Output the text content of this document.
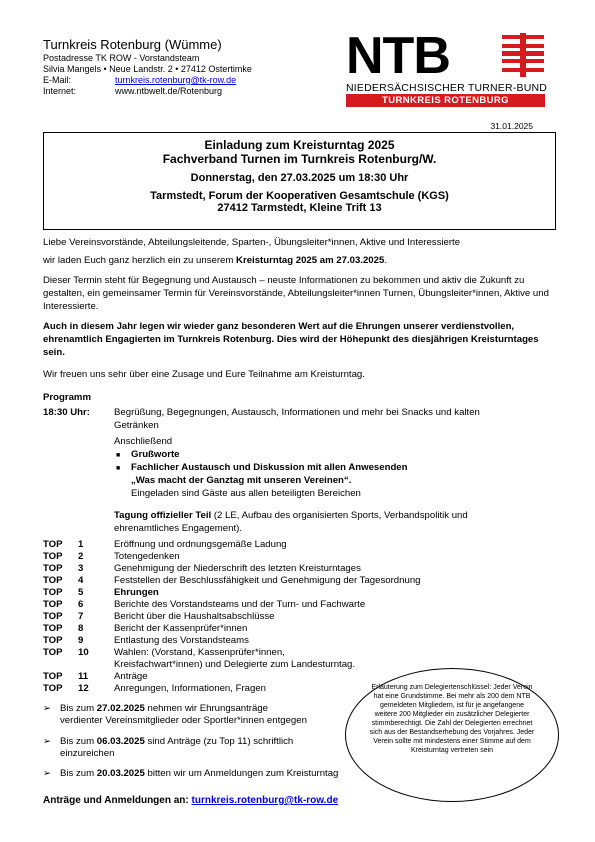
Turnkreis Rotenburg (Wümme)
Postadresse TK ROW - Vorstandsteam
Silvia Mangels • Neue Landstr. 2 • 27412 Ostertimke
E-Mail:	turnkreis.rotenburg@tk-row.de
Internet:	www.ntbwelt.de/Rotenburg
NTB
NIEDERSÄCHSISCHER TURNER-BUND
TURNKREIS ROTENBURG
31.01.2025
Einladung zum Kreisturntag 2025
Fachverband Turnen im Turnkreis Rotenburg/W.
Donnerstag, den 27.03.2025 um 18:30 Uhr
Tarmstedt, Forum der Kooperativen Gesamtschule (KGS)
27412 Tarmstedt, Kleine Trift 13
Liebe Vereinsvorstände, Abteilungsleitende, Sparten-, Übungsleiter*innen, Aktive und Interessierte
wir laden Euch ganz herzlich ein zu unserem Kreisturntag 2025 am 27.03.2025.
Dieser Termin steht für Begegnung und Austausch – neuste Informationen zu bekommen und aktiv die Zukunft zu gestalten, ein gemeinsamer Termin für Vereinsvorstände, Abteilungsleiter*innen Turnen, Übungsleiter*innen, Aktive und Interessierte.
Auch in diesem Jahr legen wir wieder ganz besonderen Wert auf die Ehrungen unserer verdienstvollen, ehrenamtlich Engagierten im Turnkreis Rotenburg. Dies wird der Höhepunkt des diesjährigen Kreisturntages sein.
Wir freuen uns sehr über eine Zusage und Eure Teilnahme am Kreisturntag.
Programm
18:30 Uhr:	Begrüßung, Begegnungen, Austausch, Informationen und mehr bei Snacks und kalten Getränken
Anschließend
■ Grußworte
■ Fachlicher Austausch und Diskussion mit allen Anwesenden
„Was macht der Ganztag mit unseren Vereinen“.
Eingeladen sind Gäste aus allen beteiligten Bereichen
Tagung offizieller Teil (2 LE, Aufbau des organisierten Sports, Verbandspolitik und ehrenamtliches Engagement).
TOP 1	Eröffnung und ordnungsgemäße Ladung
TOP 2	Totengedenken
TOP 3	Genehmigung der Niederschrift des letzten Kreisturntages
TOP 4	Feststellen der Beschlussfähigkeit und Genehmigung der Tagesordnung
TOP 5	Ehrungen
TOP 6	Berichte des Vorstandsteams und der Turn- und Fachwarte
TOP 7	Bericht über die Haushaltsabschlüsse
TOP 8	Bericht der Kassenprüfer*innen
TOP 9	Entlastung des Vorstandsteams
TOP 10	Wahlen: (Vorstand, Kassenprüfer*innen,
Kreisfachwart*innen) und Delegierte zum Landesturntag.
TOP 11	Anträge
TOP 12	Anregungen, Informationen, Fragen
➢ Bis zum 27.02.2025 nehmen wir Ehrungsanträge
verdienter Vereinsmitglieder oder Sportler*innen entgegen
➢ Bis zum 06.03.2025 sind Anträge (zu Top 11) schriftlich
einzureichen
➢ Bis zum 20.03.2025 bitten wir um Anmeldungen zum Kreisturntag
Anträge und Anmeldungen an: turnkreis.rotenburg@tk-row.de
Erläuterung zum Delegiertenschlüssel: Jeder Verein hat eine Grundstimme. Bei mehr als 200 dem NTB gemeldeten Mitgliedern, ist für je angefangene weitere 200 Mitglieder ein zusätzlicher Delegierter stimmberechtigt. Die Zahl der Delegierten errechnet sich aus der Bestandserhebung des Vorjahres. Jeder Verein sollte mit mindestens einer Stimme auf dem Kreisturntag vertreten sein
